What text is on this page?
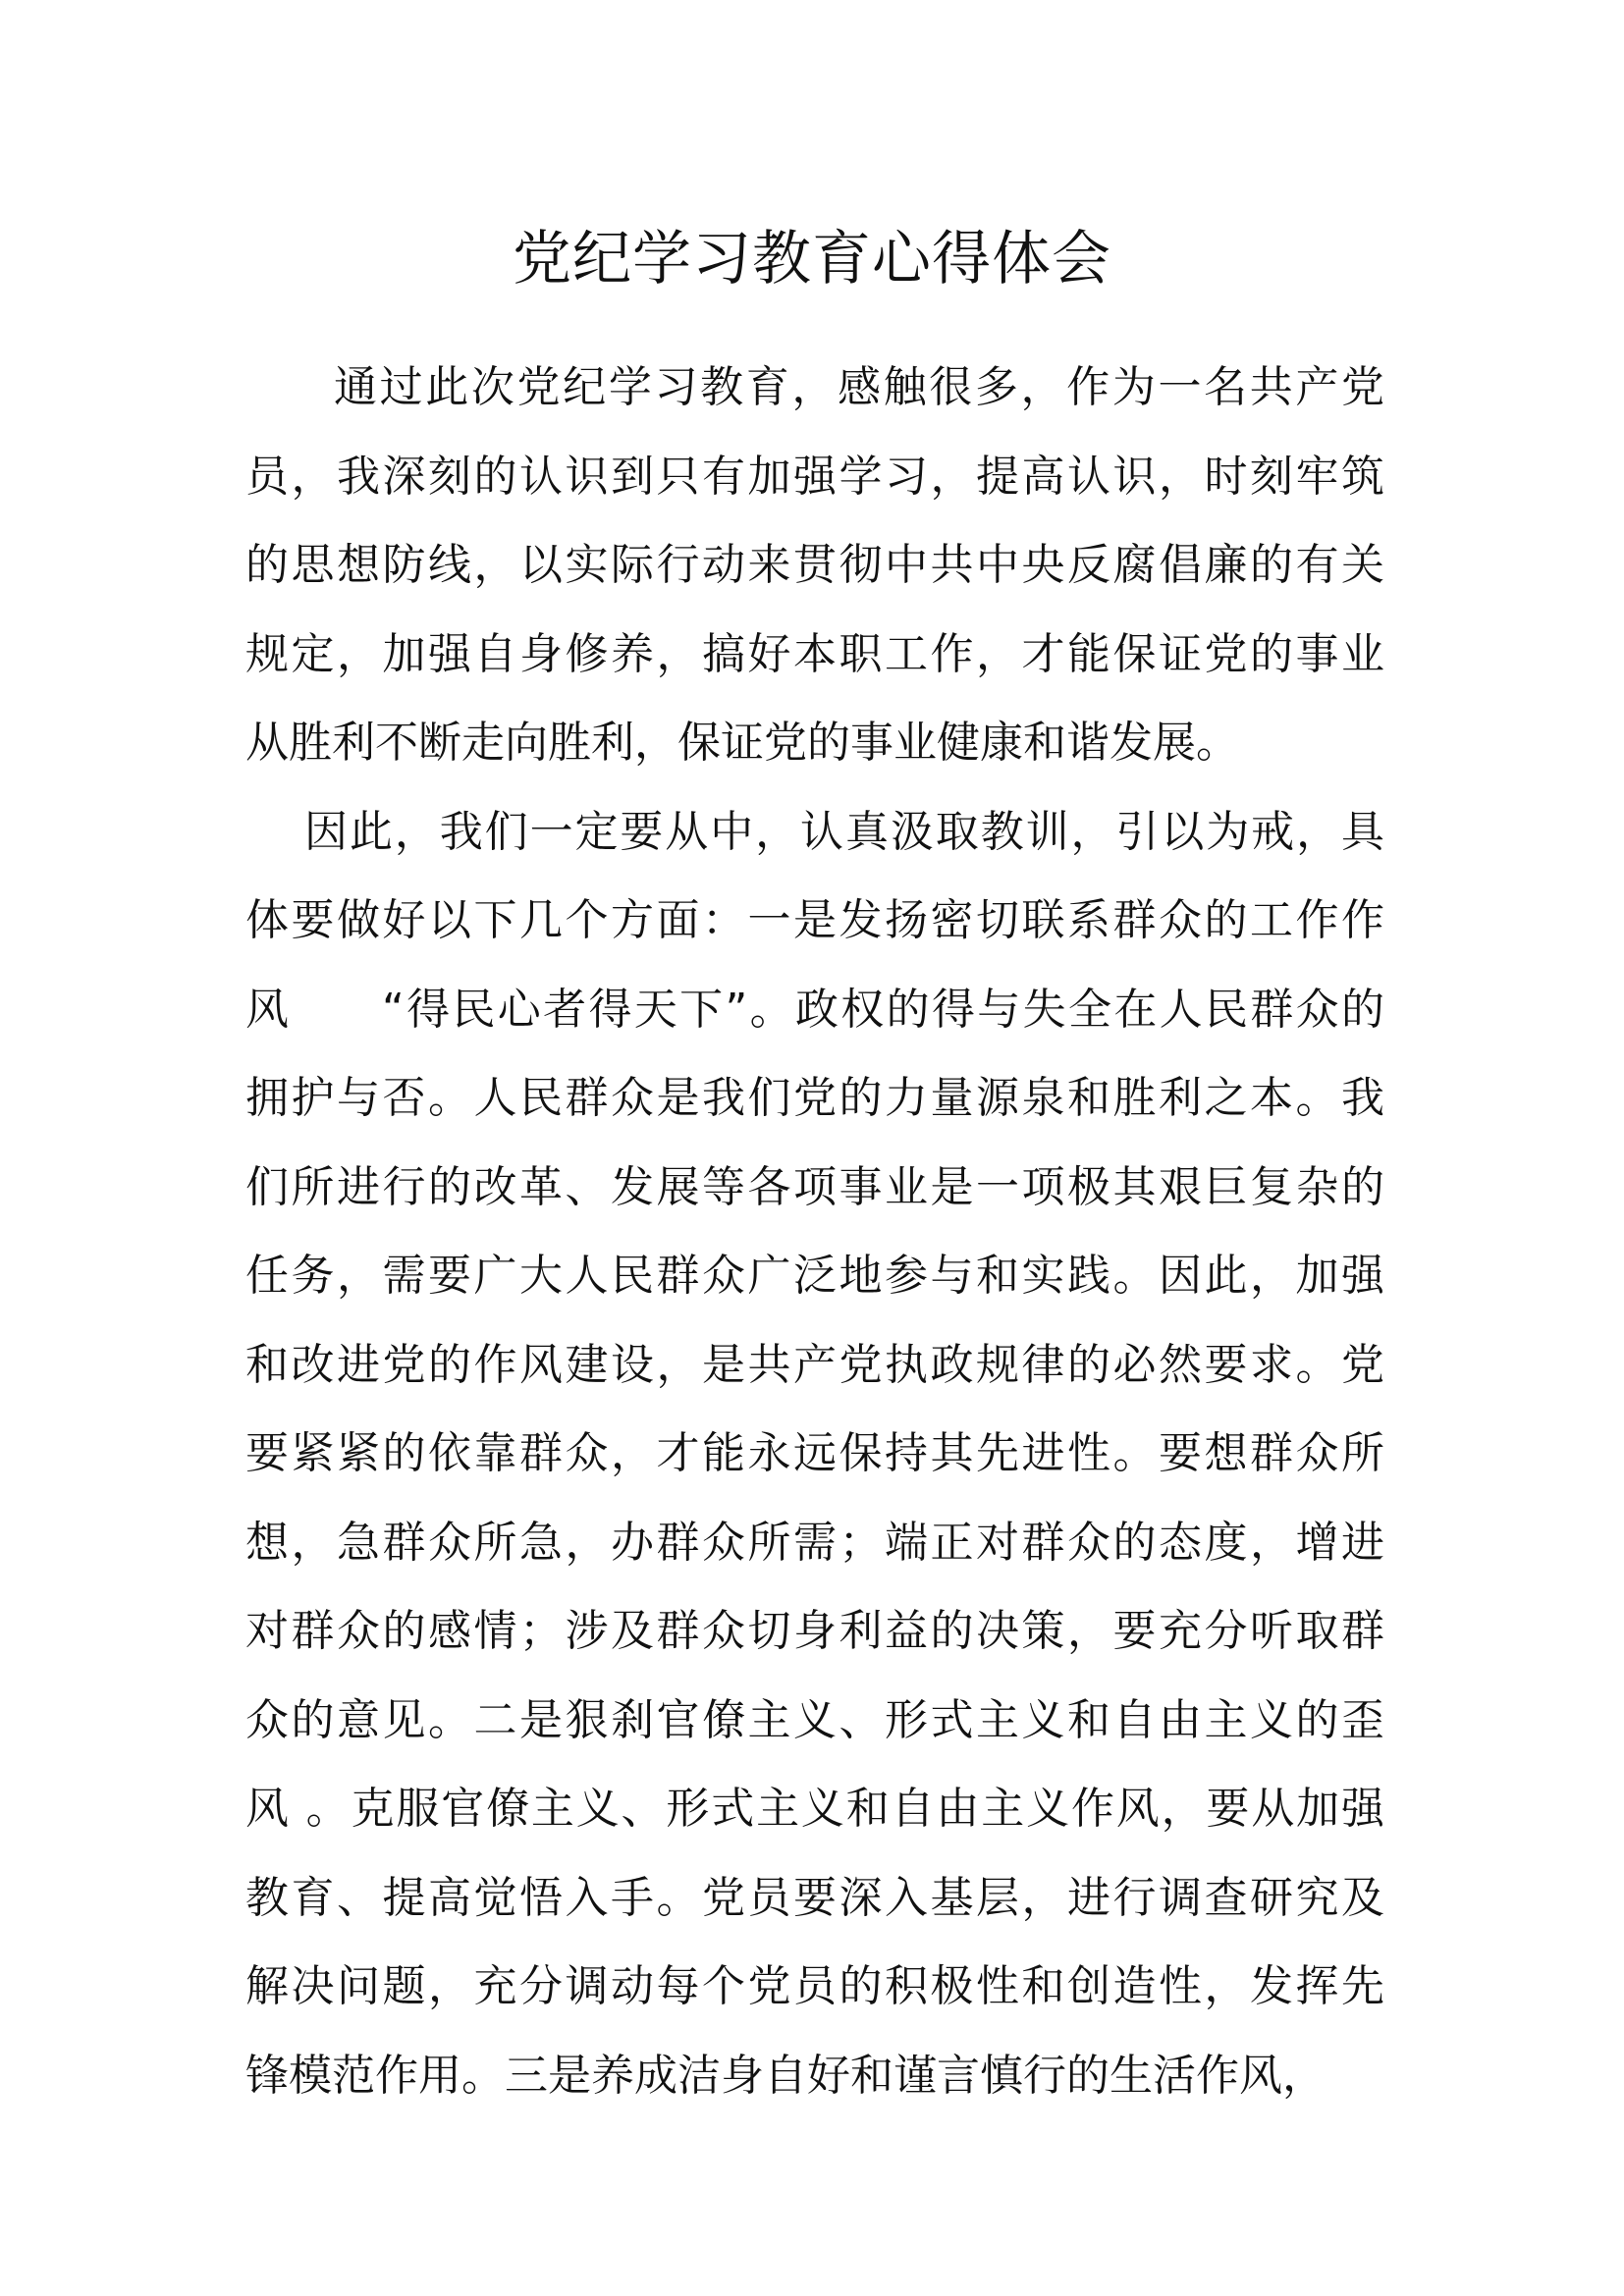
党纪学习教育心得体会
通过此次党纪学习教育，感触很多，作为一名共产党
员，我深刻的认识到只有加强学习，提高认识，时刻牢筑
的思想防线，以实际行动来贯彻中共中央反腐倡廉的有关
规定，加强自身修养，搞好本职工作，才能保证党的事业
从胜利不断走向胜利，保证党的事业健康和谐发展。
因此，我们一定要从中，认真汲取教训，引以为戒，具
体要做好以下几个方面：一是发扬密切联系群众的工作作
风　　“得民心者得天下”。政权的得与失全在人民群众的
拥护与否。人民群众是我们党的力量源泉和胜利之本。我
们所进行的改革、发展等各项事业是一项极其艰巨复杂的
任务，需要广大人民群众广泛地参与和实践。因此，加强
和改进党的作风建设，是共产党执政规律的必然要求。党
要紧紧的依靠群众，才能永远保持其先进性。要想群众所
想，急群众所急，办群众所需；端正对群众的态度，增进
对群众的感情；涉及群众切身利益的决策，要充分听取群
众的意见。二是狠刹官僚主义、形式主义和自由主义的歪
风 。克服官僚主义、形式主义和自由主义作风，要从加强
教育、提高觉悟入手。党员要深入基层，进行调查研究及
解决问题，充分调动每个党员的积极性和创造性，发挥先
锋模范作用。三是养成洁身自好和谨言慎行的生活作风，
